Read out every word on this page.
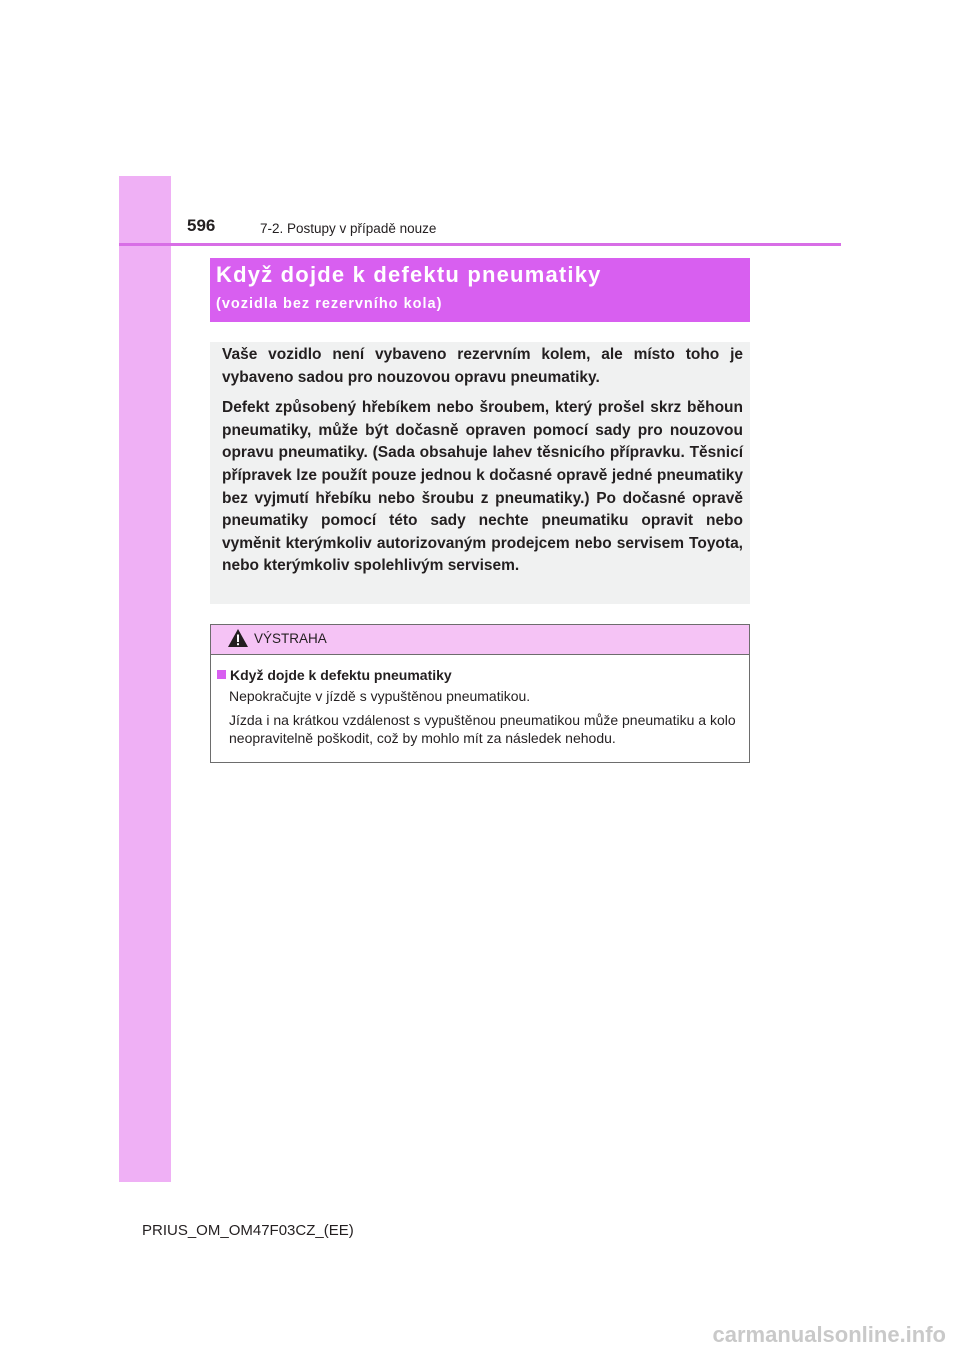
596	7-2. Postupy v případě nouze
Když dojde k defektu pneumatiky
(vozidla bez rezervního kola)

Vaše vozidlo není vybaveno rezervním kolem, ale místo toho je vybaveno sadou pro nouzovou opravu pneumatiky.

Defekt způsobený hřebíkem nebo šroubem, který prošel skrz běhoun pneumatiky, může být dočasně opraven pomocí sady pro nouzovou opravu pneumatiky. (Sada obsahuje lahev těsnicího přípravku. Těsnicí přípravek lze použít pouze jednou k dočasné opravě jedné pneumatiky bez vyjmutí hřebíku nebo šroubu z pneumatiky.) Po dočasné opravě pneumatiky pomocí této sady nechte pneumatiku opravit nebo vyměnit kterýmkoliv autorizovaným prodejcem nebo servisem Toyota, nebo kterýmkoliv spolehlivým servisem.

VÝSTRAHA
Když dojde k defektu pneumatiky

Nepokračujte v jízdě s vypuštěnou pneumatikou.

Jízda i na krátkou vzdálenost s vypuštěnou pneumatikou může pneumatiku a kolo neopravitelně poškodit, což by mohlo mít za následek nehodu.

PRIUS_OM_OM47F03CZ_(EE)
carmanualsonline.info
